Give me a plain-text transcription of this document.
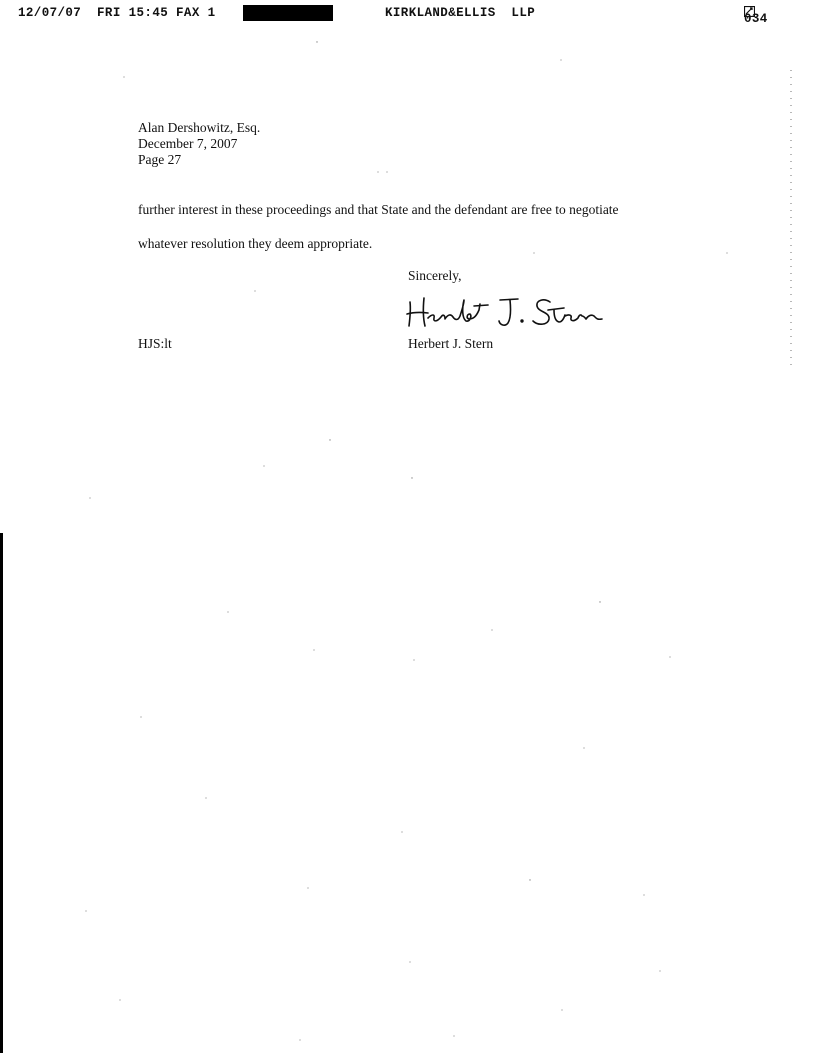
12/07/07  FRI 15:45 FAX 1	KIRKLAND&ELLIS  LLP	034
Alan Dershowitz, Esq.
December 7, 2007
Page 27
further interest in these proceedings and that State and the defendant are free to negotiate
whatever resolution they deem appropriate.
Sincerely,
Herbert J. Stern
HJS:lt
